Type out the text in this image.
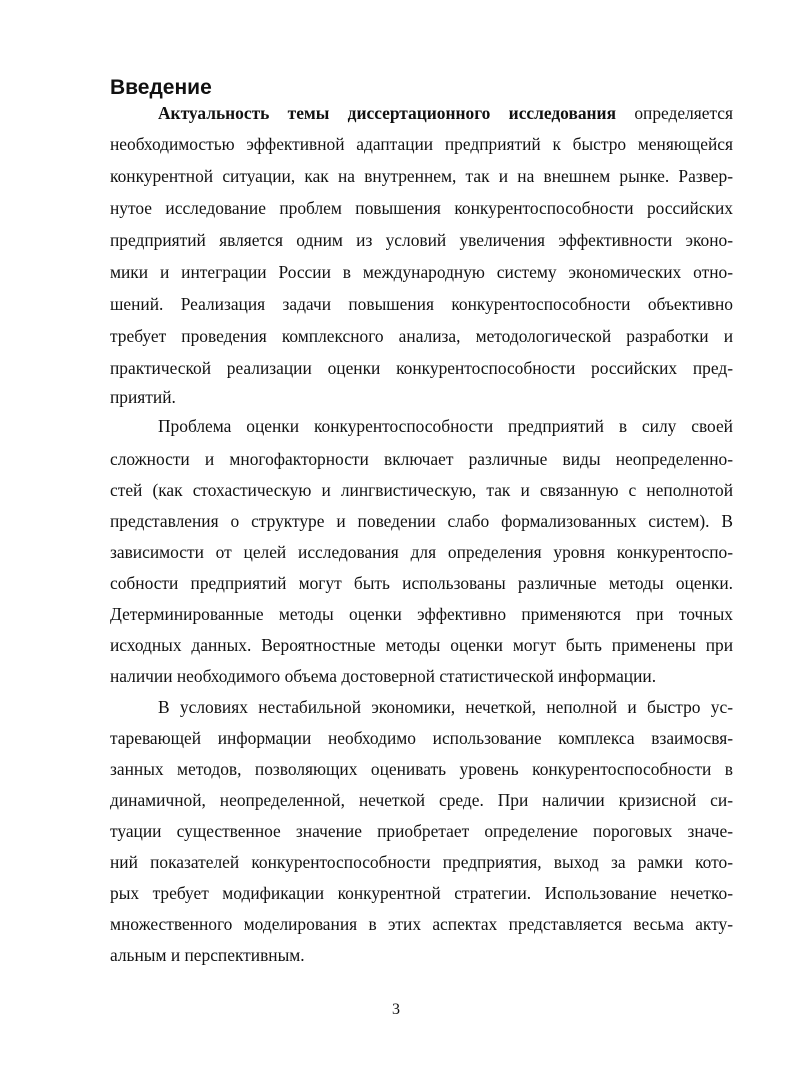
Введение

Актуальность темы диссертационного исследования определяется

необходимостью эффективной адаптации предприятий к быстро меняющейся

конкурентной ситуации, как на внутреннем, так и на внешнем рынке. Развер-

нутое исследование проблем повышения конкурентоспособности российских

предприятий является одним из условий увеличения эффективности эконо-

мики и интеграции России в международную систему экономических отно-

шений. Реализация задачи повышения конкурентоспособности объективно

требует проведения комплексного анализа, методологической разработки и

практической реализации оценки конкурентоспособности российских пред-

приятий.

Проблема оценки конкурентоспособности предприятий в силу своей

сложности и многофакторности включает различные виды неопределенно-

стей (как стохастическую и лингвистическую, так и связанную с неполнотой

представления о структуре и поведении слабо формализованных систем). В

зависимости от целей исследования для определения уровня конкурентоспо-

собности предприятий могут быть использованы различные методы оценки.

Детерминированные методы оценки эффективно применяются при точных

исходных данных. Вероятностные методы оценки могут быть применены при

наличии необходимого объема достоверной статистической информации.

В условиях нестабильной экономики, нечеткой, неполной и быстро ус-

таревающей информации необходимо использование комплекса взаимосвя-

занных методов, позволяющих оценивать уровень конкурентоспособности в

динамичной, неопределенной, нечеткой среде. При наличии кризисной си-

туации существенное значение приобретает определение пороговых значе-

ний показателей конкурентоспособности предприятия, выход за рамки кото-

рых требует модификации конкурентной стратегии. Использование нечетко-

множественного моделирования в этих аспектах представляется весьма акту-

альным и перспективным.

3
